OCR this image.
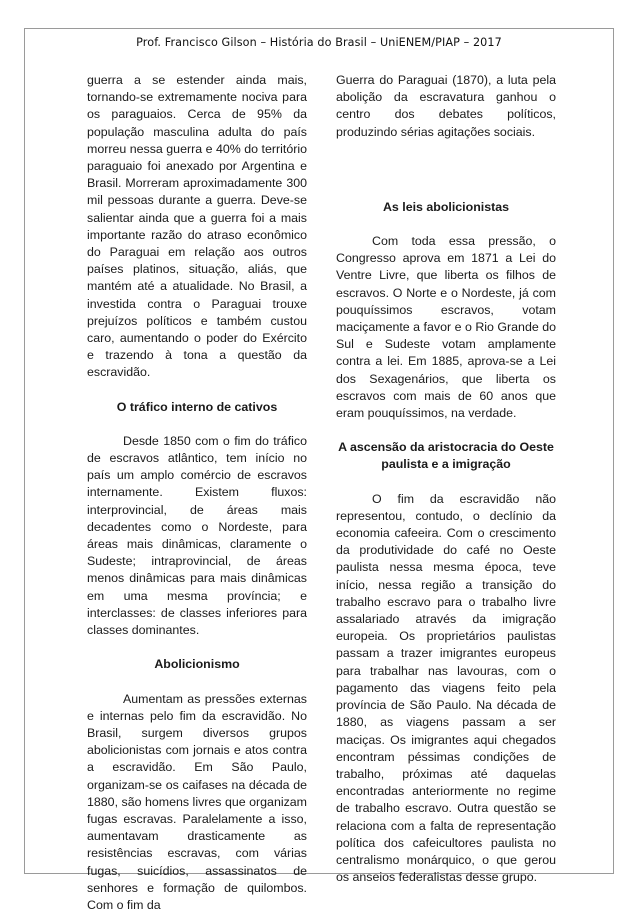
Prof. Francisco Gilson – História do Brasil – UniENEM/PIAP – 2017

guerra a se estender ainda mais, tornando-se extremamente nociva para os paraguaios. Cerca de 95% da população masculina adulta do país morreu nessa guerra e 40% do território paraguaio foi anexado por Argentina e Brasil. Morreram aproximadamente 300 mil pessoas durante a guerra. Deve-se salientar ainda que a guerra foi a mais importante razão do atraso econômico do Paraguai em relação aos outros países platinos, situação, aliás, que mantém até a atualidade. No Brasil, a investida contra o Paraguai trouxe prejuízos políticos e também custou caro, aumentando o poder do Exército e trazendo à tona a questão da escravidão.

O tráfico interno de cativos

Desde 1850 com o fim do tráfico de escravos atlântico, tem início no país um amplo comércio de escravos internamente. Existem fluxos: interprovincial, de áreas mais decadentes como o Nordeste, para áreas mais dinâmicas, claramente o Sudeste; intraprovincial, de áreas menos dinâmicas para mais dinâmicas em uma mesma província; e interclasses: de classes inferiores para classes dominantes.

Abolicionismo

Aumentam as pressões externas e internas pelo fim da escravidão. No Brasil, surgem diversos grupos abolicionistas com jornais e atos contra a escravidão. Em São Paulo, organizam-se os caifases na década de 1880, são homens livres que organizam fugas escravas. Paralelamente a isso, aumentavam drasticamente as resistências escravas, com várias fugas, suicídios, assassinatos de senhores e formação de quilombos. Com o fim da

Guerra do Paraguai (1870), a luta pela abolição da escravatura ganhou o centro dos debates políticos, produzindo sérias agitações sociais.

As leis abolicionistas

Com toda essa pressão, o Congresso aprova em 1871 a Lei do Ventre Livre, que liberta os filhos de escravos. O Norte e o Nordeste, já com pouquíssimos escravos, votam maciçamente a favor e o Rio Grande do Sul e Sudeste votam amplamente contra a lei. Em 1885, aprova-se a Lei dos Sexagenários, que liberta os escravos com mais de 60 anos que eram pouquíssimos, na verdade.

A ascensão da aristocracia do Oeste paulista e a imigração

O fim da escravidão não representou, contudo, o declínio da economia cafeeira. Com o crescimento da produtividade do café no Oeste paulista nessa mesma época, teve início, nessa região a transição do trabalho escravo para o trabalho livre assalariado através da imigração europeia. Os proprietários paulistas passam a trazer imigrantes europeus para trabalhar nas lavouras, com o pagamento das viagens feito pela província de São Paulo. Na década de 1880, as viagens passam a ser maciças. Os imigrantes aqui chegados encontram péssimas condições de trabalho, próximas até daquelas encontradas anteriormente no regime de trabalho escravo. Outra questão se relaciona com a falta de representação política dos cafeicultores paulista no centralismo monárquico, o que gerou os anseios federalistas desse grupo.
